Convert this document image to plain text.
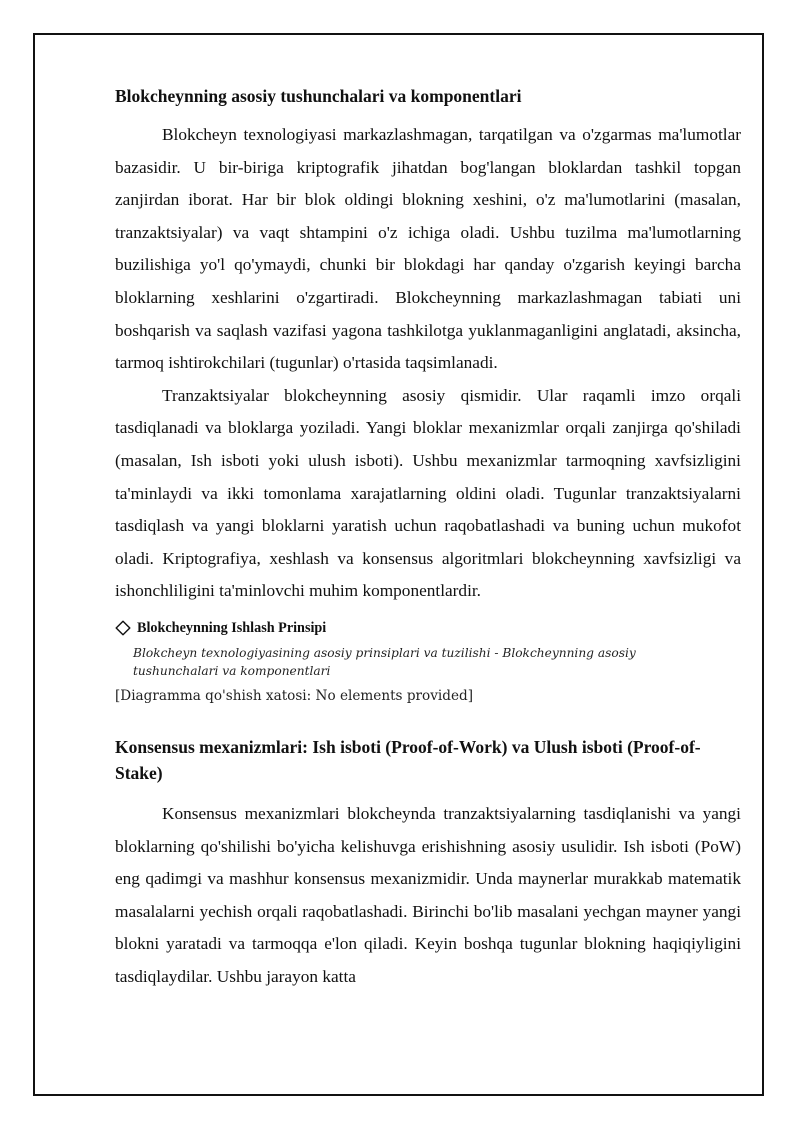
Blokcheynning asosiy tushunchalari va komponentlari

Blokcheyn texnologiyasi markazlashmagan, tarqatilgan va o'zgarmas ma'lumotlar bazasidir. U bir-biriga kriptografik jihatdan bog'langan bloklardan tashkil topgan zanjirdan iborat. Har bir blok oldingi blokning xeshini, o'z ma'lumotlarini (masalan, tranzaktsiyalar) va vaqt shtampini o'z ichiga oladi. Ushbu tuzilma ma'lumotlarning buzilishiga yo'l qo'ymaydi, chunki bir blokdagi har qanday o'zgarish keyingi barcha bloklarning xeshlarini o'zgartiradi. Blokcheynning markazlashmagan tabiati uni boshqarish va saqlash vazifasi yagona tashkilotga yuklanmaganligini anglatadi, aksincha, tarmoq ishtirokchilari (tugunlar) o'rtasida taqsimlanadi.

Tranzaktsiyalar blokcheynning asosiy qismidir. Ular raqamli imzo orqali tasdiqlanadi va bloklarga yoziladi. Yangi bloklar mexanizmlar orqali zanjirga qo'shiladi (masalan, Ish isboti yoki ulush isboti). Ushbu mexanizmlar tarmoqning xavfsizligini ta'minlaydi va ikki tomonlama xarajatlarning oldini oladi. Tugunlar tranzaktsiyalarni tasdiqlash va yangi bloklarni yaratish uchun raqobatlashadi va buning uchun mukofot oladi. Kriptografiya, xeshlash va konsensus algoritmlari blokcheynning xavfsizligi va ishonchliligini ta'minlovchi muhim komponentlardir.

Blokcheynning Ishlash Prinsipi
Blokcheyn texnologiyasining asosiy prinsiplari va tuzilishi - Blokcheynning asosiy tushunchalari va komponentlari
[Diagramma qo'shish xatosi: No elements provided]
Konsensus mexanizmlari: Ish isboti (Proof-of-Work) va Ulush isboti (Proof-of-Stake)

Konsensus mexanizmlari blokcheynda tranzaktsiyalarning tasdiqlanishi va yangi bloklarning qo'shilishi bo'yicha kelishuvga erishishning asosiy usulidir. Ish isboti (PoW) eng qadimgi va mashhur konsensus mexanizmidir. Unda maynerlar murakkab matematik masalalarni yechish orqali raqobatlashadi. Birinchi bo'lib masalani yechgan mayner yangi blokni yaratadi va tarmoqqa e'lon qiladi. Keyin boshqa tugunlar blokning haqiqiyligini tasdiqlaydilar. Ushbu jarayon katta
